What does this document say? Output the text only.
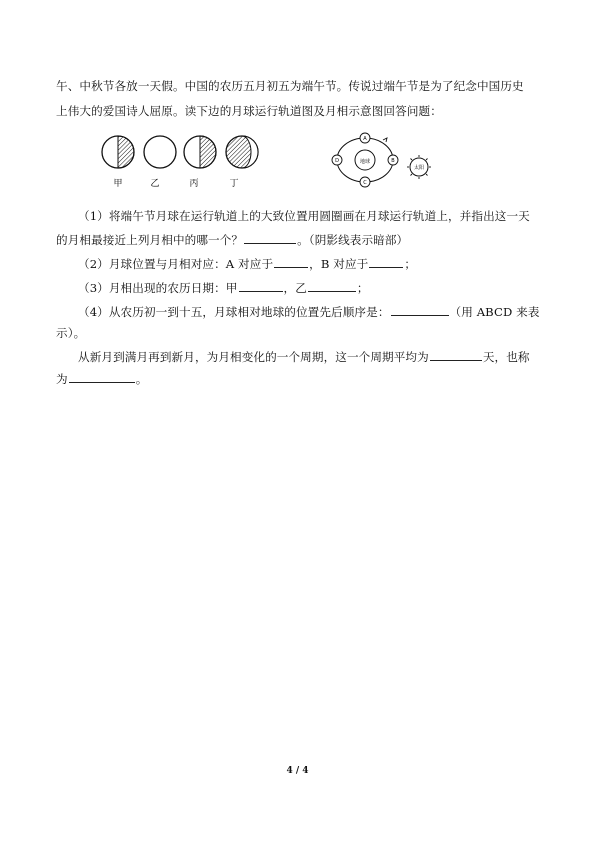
午、中秋节各放一天假。中国的农历五月初五为端午节。传说过端午节是为了纪念中国历史
上伟大的爱国诗人屈原。读下边的月球运行轨道图及月相示意图回答问题：
甲	乙	丙	丁
地球
A
B
C
D
太阳
（1）将端午节月球在运行轨道上的大致位置用圆圈画在月球运行轨道上，并指出这一天
的月相最接近上列月相中的哪一个？	。（阴影线表示暗部）
（2）月球位置与月相对应：A 对应于	，B 对应于	；
（3）月相出现的农历日期：甲	，乙	；
（4）从农历初一到十五，月球相对地球的位置先后顺序是：	（用 ABCD 来表
示）。
从新月到满月再到新月，为月相变化的一个周期，这一个周期平均为	天，也称
为	。
4 / 4
